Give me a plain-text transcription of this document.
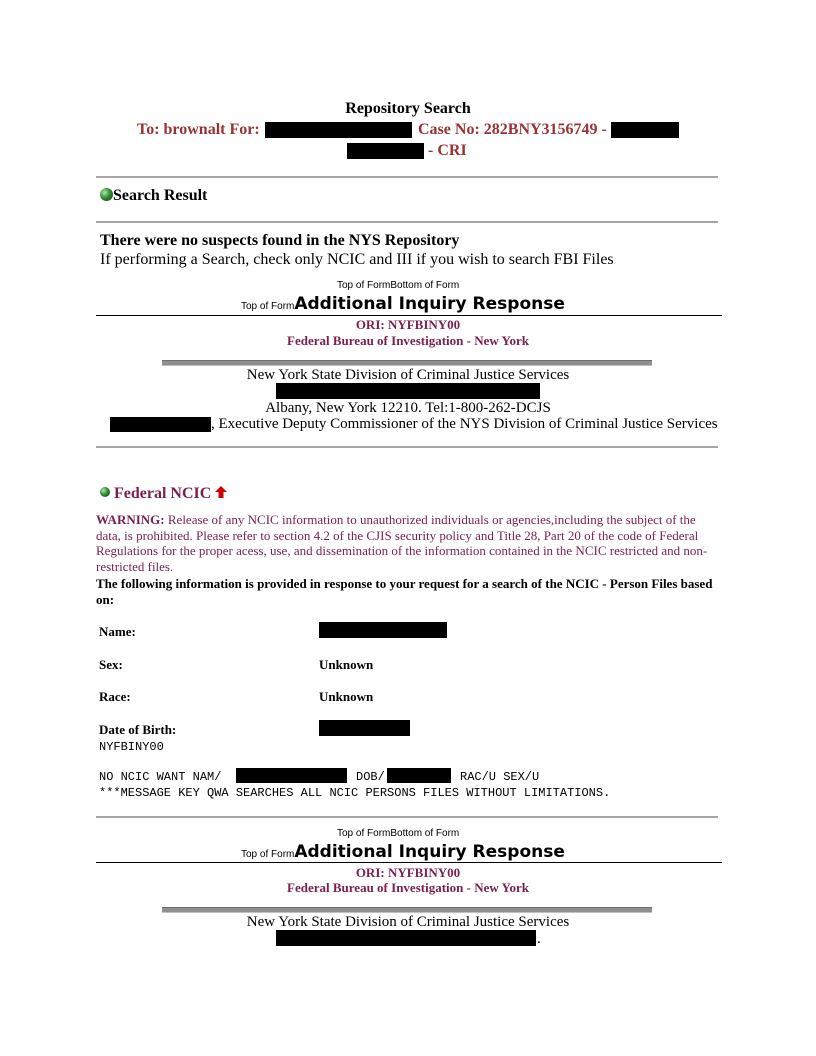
Repository Search
To: brownalt For:	Case No: 282BNY3156749 -
- CRI
Search Result
There were no suspects found in the NYS Repository
If performing a Search, check only NCIC and III if you wish to search FBI Files
Top of FormBottom of Form
Top of FormAdditional Inquiry Response
ORI: NYFBINY00
Federal Bureau of Investigation - New York
New York State Division of Criminal Justice Services
Albany, New York 12210. Tel:1-800-262-DCJS
, Executive Deputy Commissioner of the NYS Division of Criminal Justice Services
Federal NCIC
WARNING: Release of any NCIC information to unauthorized individuals or agencies,including the subject of the data, is prohibited. Please refer to section 4.2 of the CJIS security policy and Title 28, Part 20 of the code of Federal Regulations for the proper acess, use, and dissemination of the information contained in the NCIC restricted and non-restricted files.
The following information is provided in response to your request for a search of the NCIC - Person Files based on:
Name:
Sex:	Unknown
Race:	Unknown
Date of Birth:
NYFBINY00
NO NCIC WANT NAM/	DOB/	RAC/U SEX/U
***MESSAGE KEY QWA SEARCHES ALL NCIC PERSONS FILES WITHOUT LIMITATIONS.
Top of FormBottom of Form
Top of FormAdditional Inquiry Response
ORI: NYFBINY00
Federal Bureau of Investigation - New York
New York State Division of Criminal Justice Services
.
